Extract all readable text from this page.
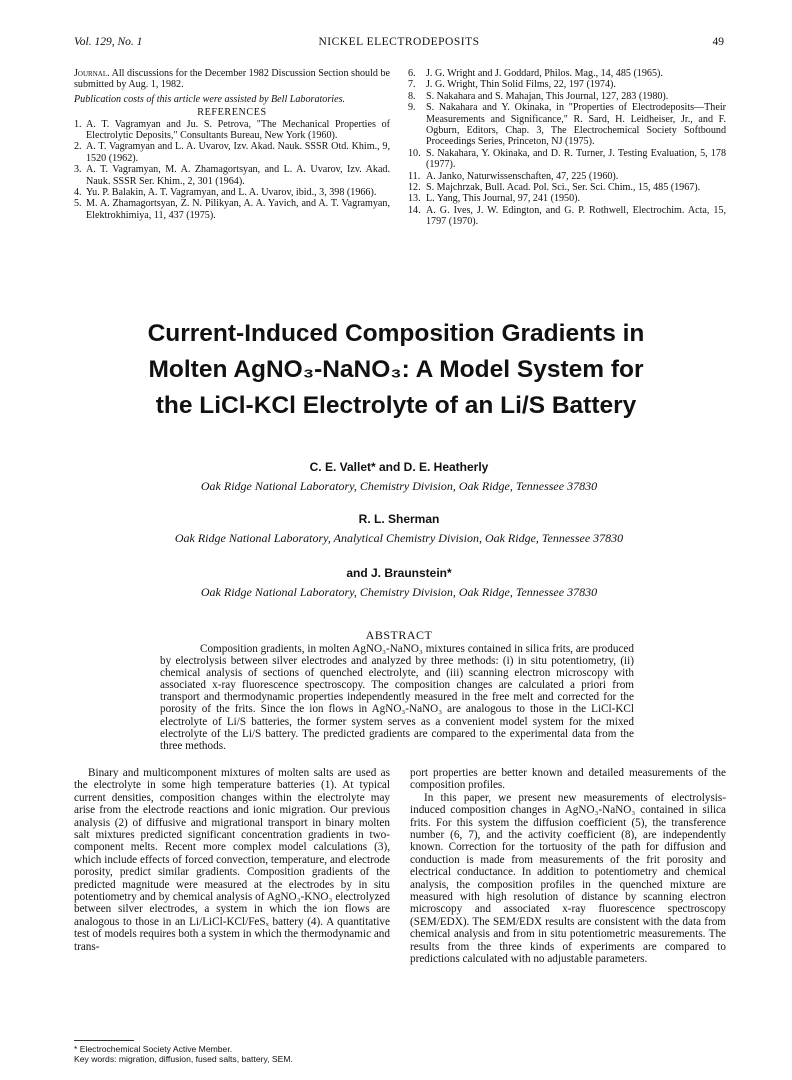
Vol. 129, No. 1	NICKEL ELECTRODEPOSITS	49

Journal. All discussions for the December 1982 Discussion Section should be submitted by Aug. 1, 1982.

Publication costs of this article were assisted by Bell Laboratories.

REFERENCES

1. A. T. Vagramyan and Ju. S. Petrova, "The Mechanical Properties of Electrolytic Deposits," Consultants Bureau, New York (1960).
2. A. T. Vagramyan and L. A. Uvarov, Izv. Akad. Nauk. SSSR Otd. Khim., 9, 1520 (1962).
3. A. T. Vagramyan, M. A. Zhamagortsyan, and L. A. Uvarov, Izv. Akad. Nauk. SSSR Ser. Khim., 2, 301 (1964).
4. Yu. P. Balakin, A. T. Vagramyan, and L. A. Uvarov, ibid., 3, 398 (1966).
5. M. A. Zhamagortsyan, Z. N. Pilikyan, A. A. Yavich, and A. T. Vagramyan, Elektrokhimiya, 11, 437 (1975).
6.	J. G. Wright and J. Goddard, Philos. Mag., 14, 485 (1965).
7.	J. G. Wright, Thin Solid Films, 22, 197 (1974).
8.	S. Nakahara and S. Mahajan, This Journal, 127, 283 (1980).
9.	S. Nakahara and Y. Okinaka, in "Properties of Electrodeposits—Their Measurements and Significance," R. Sard, H. Leidheiser, Jr., and F. Ogburn, Editors, Chap. 3, The Electrochemical Society Softbound Proceedings Series, Princeton, NJ (1975).
10. S. Nakahara, Y. Okinaka, and D. R. Turner, J. Testing Evaluation, 5, 178 (1977).
11. A. Janko, Naturwissenschaften, 47, 225 (1960).
12. S. Majchrzak, Bull. Acad. Pol. Sci., Ser. Sci. Chim., 15, 485 (1967).
13. L. Yang, This Journal, 97, 241 (1950).
14. A. G. Ives, J. W. Edington, and G. P. Rothwell, Electrochim. Acta, 15, 1797 (1970).
Current-Induced Composition Gradients in
Molten AgNO₃-NaNO₃: A Model System for
the LiCl-KCl Electrolyte of an Li/S Battery
C. E. Vallet* and D. E. Heatherly
Oak Ridge National Laboratory, Chemistry Division, Oak Ridge, Tennessee 37830
R. L. Sherman
Oak Ridge National Laboratory, Analytical Chemistry Division, Oak Ridge, Tennessee 37830
and J. Braunstein*
Oak Ridge National Laboratory, Chemistry Division, Oak Ridge, Tennessee 37830
ABSTRACT

Composition gradients, in molten AgNO₃-NaNO₃ mixtures contained in silica frits, are produced by electrolysis between silver electrodes and analyzed by three methods: (i) in situ potentiometry, (ii) chemical analysis of sections of quenched electrolyte, and (iii) scanning electron microscopy with associated x-ray fluorescence spectroscopy. The composition changes are calculated a priori from transport and thermodynamic properties independently measured in the free melt and corrected for the porosity of the frits. Since the ion flows in AgNO₃-NaNO₃ are analogous to those in the LiCl-KCl electrolyte of Li/S batteries, the former system serves as a convenient model system for the mixed electrolyte of the Li/S battery. The predicted gradients are compared to the experimental data from the three methods.

Binary and multicomponent mixtures of molten salts are used as the electrolyte in some high temperature batteries (1). At typical current densities, composition changes within the electrolyte may arise from the electrode reactions and ionic migration. Our previous analysis (2) of diffusive and migrational transport in binary molten salt mixtures predicted significant concentration gradients in two-component melts. Recent more complex model calculations (3), which include effects of forced convection, temperature, and electrode porosity, predict similar gradients. Composition gradients of the predicted magnitude were measured at the electrodes by in situ potentiometry and by chemical analysis of AgNO₃-KNO₃ electrolyzed between silver electrodes, a system in which the ion flows are analogous to those in an Li/LiCl-KCl/FeSₓ battery (4). A quantitative test of models requires both a system in which the thermodynamic and trans-

port properties are better known and detailed measurements of the composition profiles.

In this paper, we present new measurements of electrolysis-induced composition changes in AgNO₃-NaNO₃ contained in silica frits. For this system the diffusion coefficient (5), the transference number (6, 7), and the activity coefficient (8), are independently known. Correction for the tortuosity of the path for diffusion and conduction is made from measurements of the frit porosity and electrical conductance. In addition to potentiometry and chemical analysis, the composition profiles in the quenched mixture are measured with high resolution of distance by scanning electron microscopy and associated x-ray fluorescence spectroscopy (SEM/EDX). The SEM/EDX results are consistent with the data from chemical analysis and from in situ potentiometric measurements. The results from the three kinds of experiments are compared to predictions calculated with no adjustable parameters.

* Electrochemical Society Active Member.
Key words: migration, diffusion, fused salts, battery, SEM.
